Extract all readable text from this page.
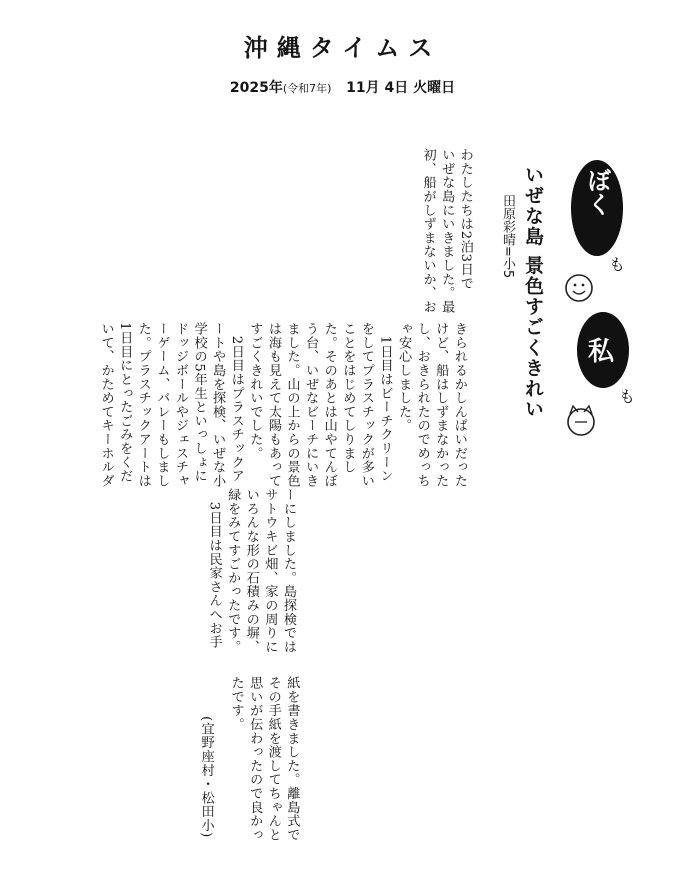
沖縄タイムス
2025年(令和7年) 11月 4日 火曜日
ぼく
も
私
も
いぜな島 景色すごくきれい
田原彩晴=小5
わたしたちは2泊3日で
いぜな島にいきました。最
初、船がしずまないか、お
きられるかしんぱいだった
けど、船はしずまなかった
し、おきられたのでめっち
ゃ安心しました。
　1日目はビーチクリーン
をしてプラスチックが多い
ことをはじめてしりまし
た。そのあとは山やてんぼ
う台、いぜなビーチにいき
ました。山の上からの景色
は海も見えて太陽もあって
すごくきれいでした。
　2日目はプラスチックア
ートや島を探検、いぜな小
学校の5年生といっしょに
ドッジボールやジェスチャ
ーゲーム、バレーもしまし
た。プラスチックアートは
1日目にとったごみをくだ
いて、かためてキーホルダ
ーにしました。島探検では
サトウキビ畑、家の周りに
いろんな形の石積みの塀、
緑をみてすごかったです。
　3日目は民家さんへお手
紙を書きました。離島式で
その手紙を渡してちゃんと
思いが伝わったので良かっ
たです。
(宜野座村・松田小)
